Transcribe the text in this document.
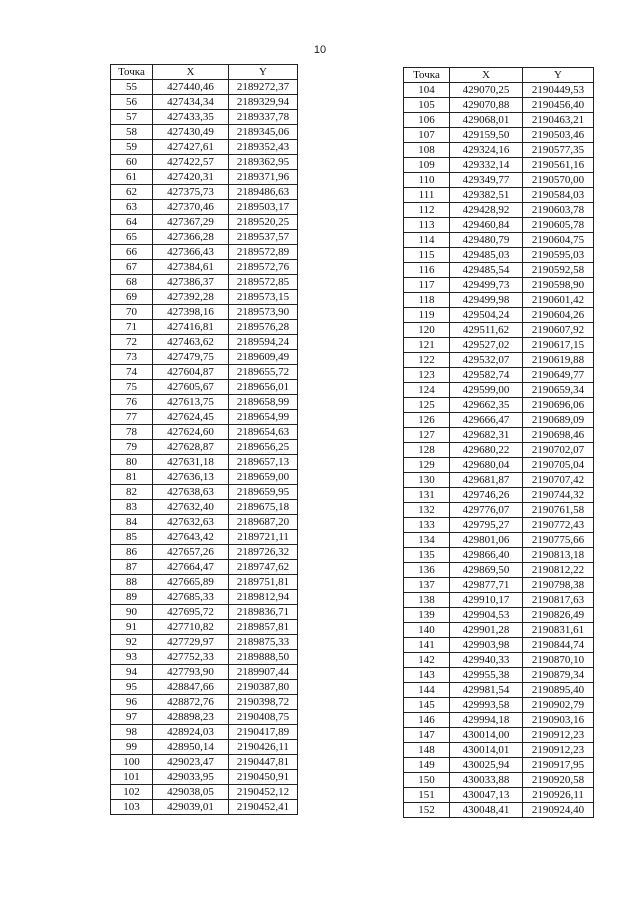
10
Точка	X	Y
55	427440,46	2189272,37
56	427434,34	2189329,94
57	427433,35	2189337,78
58	427430,49	2189345,06
59	427427,61	2189352,43
60	427422,57	2189362,95
61	427420,31	2189371,96
62	427375,73	2189486,63
63	427370,46	2189503,17
64	427367,29	2189520,25
65	427366,28	2189537,57
66	427366,43	2189572,89
67	427384,61	2189572,76
68	427386,37	2189572,85
69	427392,28	2189573,15
70	427398,16	2189573,90
71	427416,81	2189576,28
72	427463,62	2189594,24
73	427479,75	2189609,49
74	427604,87	2189655,72
75	427605,67	2189656,01
76	427613,75	2189658,99
77	427624,45	2189654,99
78	427624,60	2189654,63
79	427628,87	2189656,25
80	427631,18	2189657,13
81	427636,13	2189659,00
82	427638,63	2189659,95
83	427632,40	2189675,18
84	427632,63	2189687,20
85	427643,42	2189721,11
86	427657,26	2189726,32
87	427664,47	2189747,62
88	427665,89	2189751,81
89	427685,33	2189812,94
90	427695,72	2189836,71
91	427710,82	2189857,81
92	427729,97	2189875,33
93	427752,33	2189888,50
94	427793,90	2189907,44
95	428847,66	2190387,80
96	428872,76	2190398,72
97	428898,23	2190408,75
98	428924,03	2190417,89
99	428950,14	2190426,11
100	429023,47	2190447,81
101	429033,95	2190450,91
102	429038,05	2190452,12
103	429039,01	2190452,41
Точка	X	Y
104	429070,25	2190449,53
105	429070,88	2190456,40
106	429068,01	2190463,21
107	429159,50	2190503,46
108	429324,16	2190577,35
109	429332,14	2190561,16
110	429349,77	2190570,00
111	429382,51	2190584,03
112	429428,92	2190603,78
113	429460,84	2190605,78
114	429480,79	2190604,75
115	429485,03	2190595,03
116	429485,54	2190592,58
117	429499,73	2190598,90
118	429499,98	2190601,42
119	429504,24	2190604,26
120	429511,62	2190607,92
121	429527,02	2190617,15
122	429532,07	2190619,88
123	429582,74	2190649,77
124	429599,00	2190659,34
125	429662,35	2190696,06
126	429666,47	2190689,09
127	429682,31	2190698,46
128	429680,22	2190702,07
129	429680,04	2190705,04
130	429681,87	2190707,42
131	429746,26	2190744,32
132	429776,07	2190761,58
133	429795,27	2190772,43
134	429801,06	2190775,66
135	429866,40	2190813,18
136	429869,50	2190812,22
137	429877,71	2190798,38
138	429910,17	2190817,63
139	429904,53	2190826,49
140	429901,28	2190831,61
141	429903,98	2190844,74
142	429940,33	2190870,10
143	429955,38	2190879,34
144	429981,54	2190895,40
145	429993,58	2190902,79
146	429994,18	2190903,16
147	430014,00	2190912,23
148	430014,01	2190912,23
149	430025,94	2190917,95
150	430033,88	2190920,58
151	430047,13	2190926,11
152	430048,41	2190924,40
